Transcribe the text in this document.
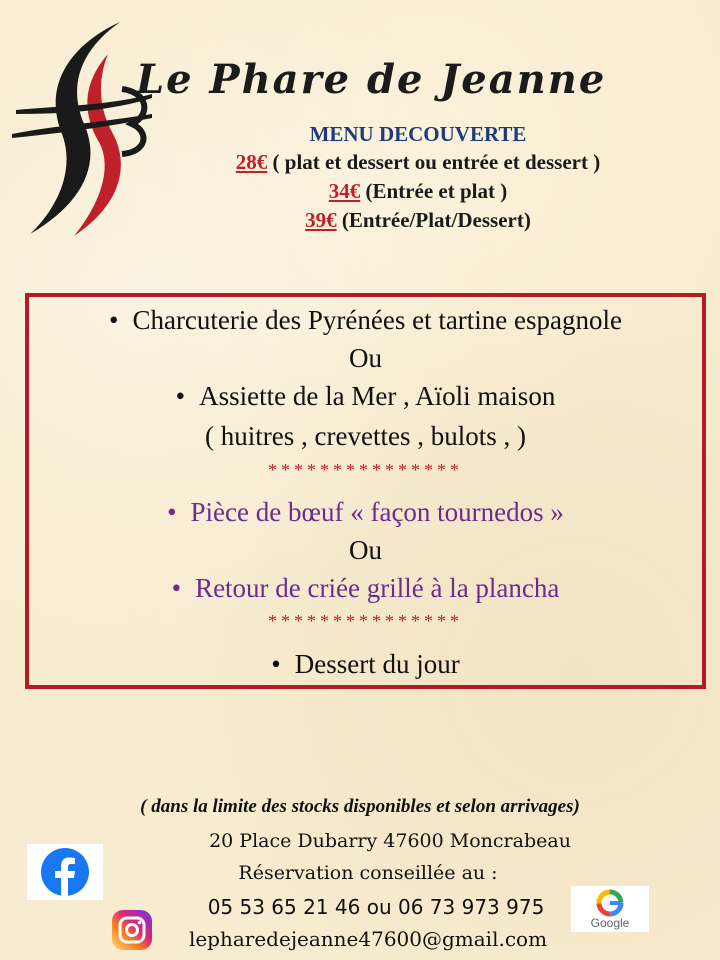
Le Phare de Jeanne
MENU DECOUVERTE
28€ ( plat et dessert ou entrée et dessert )
34€ (Entrée et plat )
39€ (Entrée/Plat/Dessert)
• Charcuterie des Pyrénées et tartine espagnole
Ou
• Assiette de la Mer , Aïoli maison
( huitres , crevettes , bulots , )
***************
• Pièce de bœuf « façon tournedos »
Ou
• Retour de criée grillé à la plancha
***************
• Dessert du jour
( dans la limite des stocks disponibles et selon arrivages)
20 Place Dubarry 47600 Moncrabeau
Réservation conseillée au :
05 53 65 21 46 ou 06 73 973 975
lepharedejeanne47600@gmail.com
Google
